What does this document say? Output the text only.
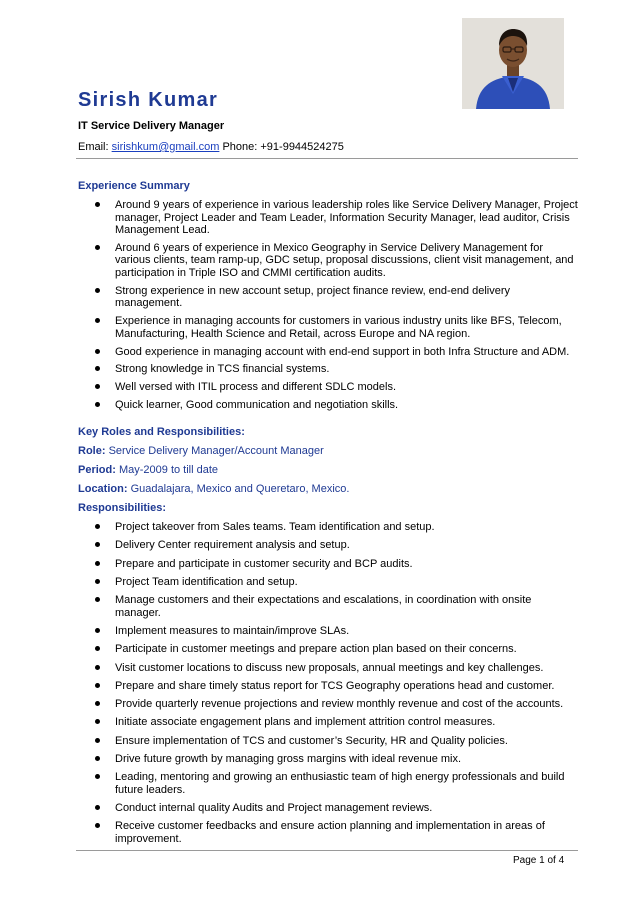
Sirish Kumar
IT Service Delivery Manager
Email: sirishkum@gmail.com Phone: +91-9944524275
Experience Summary
Around 9 years of experience in various leadership roles like Service Delivery Manager, Project manager, Project Leader and Team Leader, Information Security Manager, lead auditor, Crisis Management Lead.
Around 6 years of experience in Mexico Geography in Service Delivery Management for various clients, team ramp-up, GDC setup, proposal discussions, client visit management, and participation in Triple ISO and CMMI certification audits.
Strong experience in new account setup, project finance review, end-end delivery management.
Experience in managing accounts for customers in various industry units like BFS, Telecom, Manufacturing, Health Science and Retail, across Europe and NA region.
Good experience in managing account with end-end support in both Infra Structure and ADM.
Strong knowledge in TCS financial systems.
Well versed with ITIL process and different SDLC models.
Quick learner, Good communication and negotiation skills.
Key Roles and Responsibilities:
Role: Service Delivery Manager/Account Manager
Period: May-2009 to till date
Location: Guadalajara, Mexico and Queretaro, Mexico.
Responsibilities:
Project takeover from Sales teams. Team identification and setup.
Delivery Center requirement analysis and setup.
Prepare and participate in customer security and BCP audits.
Project Team identification and setup.
Manage customers and their expectations and escalations, in coordination with onsite manager.
Implement measures to maintain/improve SLAs.
Participate in customer meetings and prepare action plan based on their concerns.
Visit customer locations to discuss new proposals, annual meetings and key challenges.
Prepare and share timely status report for TCS Geography operations head and customer.
Provide quarterly revenue projections and review monthly revenue and cost of the accounts.
Initiate associate engagement plans and implement attrition control measures.
Ensure implementation of TCS and customer’s Security, HR and Quality policies.
Drive future growth by managing gross margins with ideal revenue mix.
Leading, mentoring and growing an enthusiastic team of high energy professionals and build future leaders.
Conduct internal quality Audits and Project management reviews.
Receive customer feedbacks and ensure action planning and implementation in areas of improvement.
Page 1 of 4
